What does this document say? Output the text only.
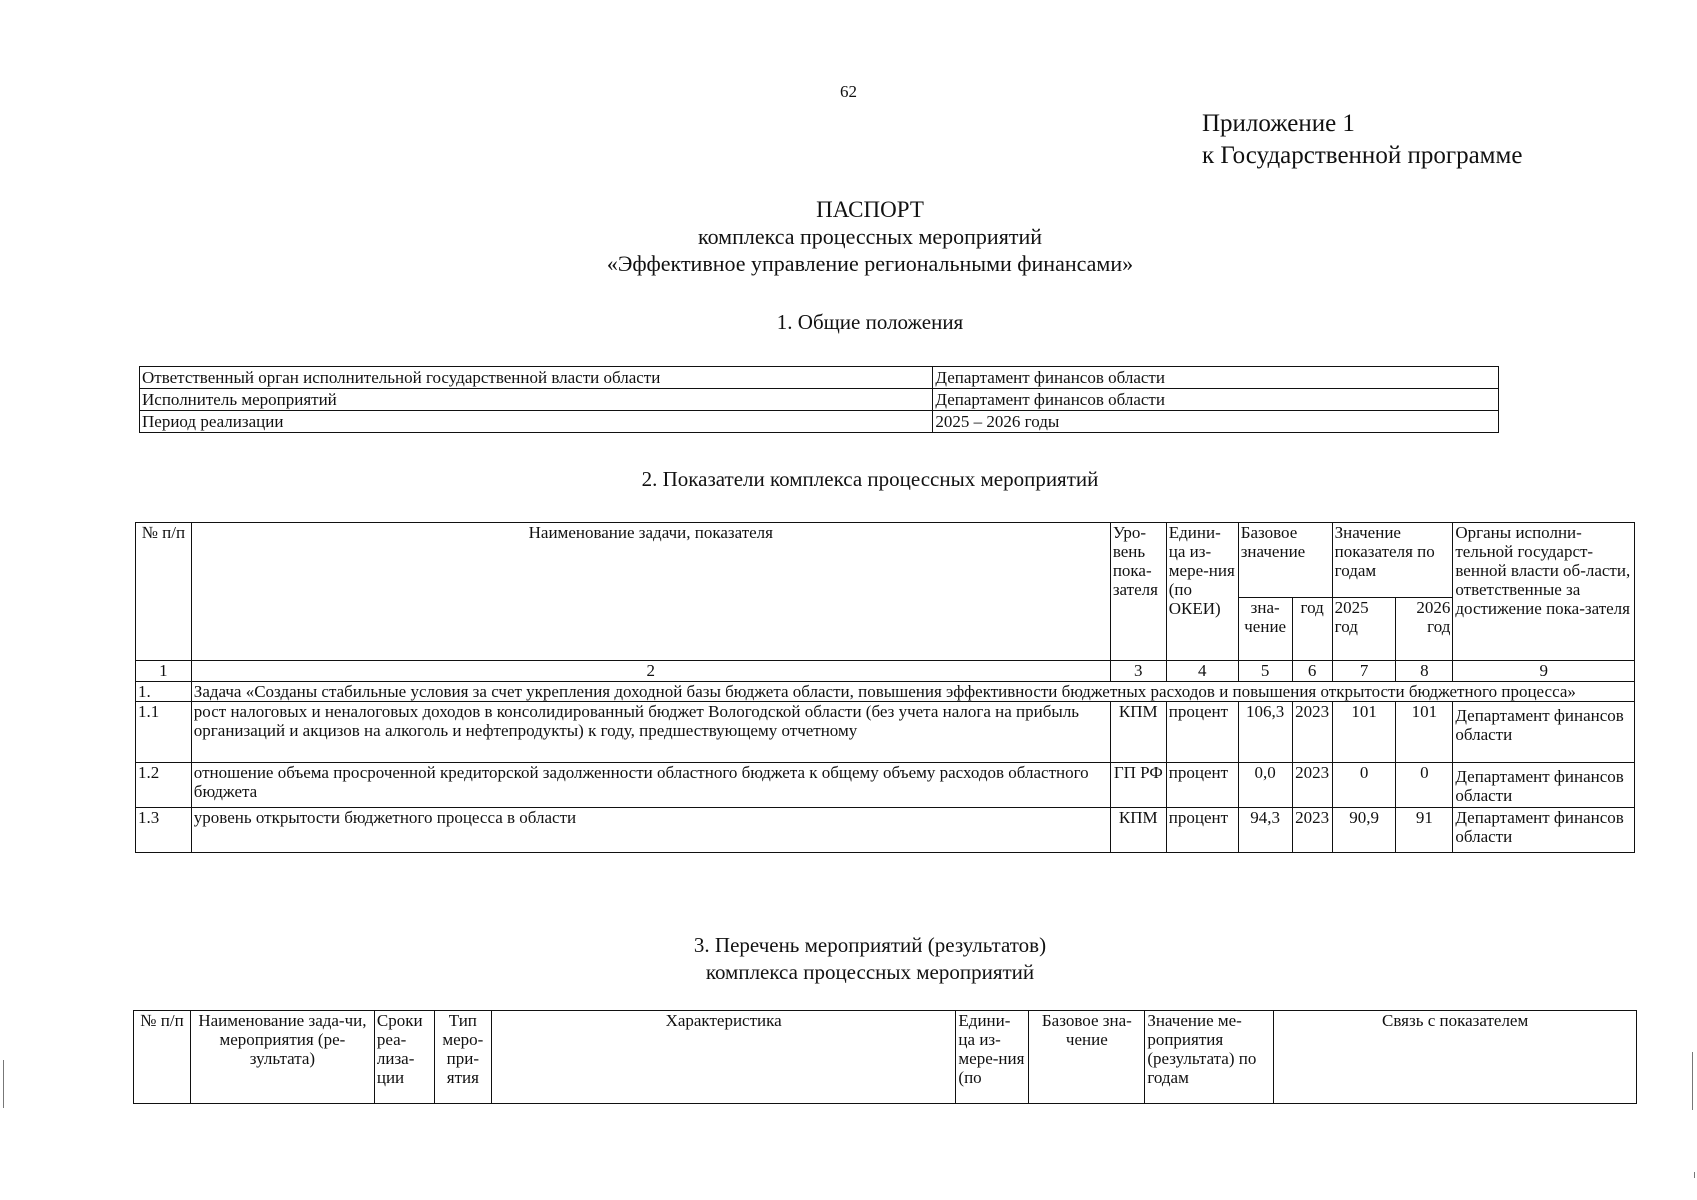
62
Приложение 1
к Государственной программе
ПАСПОРТ
комплекса процессных мероприятий
«Эффективное управление региональными финансами»
1. Общие положения
Ответственный орган исполнительной государственной власти области	Департамент финансов области
Исполнитель мероприятий	Департамент финансов области
Период реализации	2025 – 2026 годы
2. Показатели комплекса процессных мероприятий
№ п/п	Наименование задачи, показателя	Уро-вень пока-зателя	Едини-ца из-мере-ния (по ОКЕИ)	Базовое значение		Значение показателя по годам		Органы исполни-тельной государст-венной власти об-ласти, ответственные за достижение пока-зателя
				зна-чение	год	2025 год	2026 год	
1	2	3	4	5	6	7	8	9
1.	Задача «Созданы стабильные условия за счет укрепления доходной базы бюджета области, повышения эффективности бюджетных расходов и повышения открытости бюджетного процесса»							
1.1	рост налоговых и неналоговых доходов в консолидированный бюджет Вологодской области (без учета налога на прибыль организаций и акцизов на алкоголь и нефтепродукты) к году, предшествующему отчетному	КПМ	процент	106,3	2023	101	101	Департамент финансов области
1.2	отношение объема просроченной кредиторской задолженности областного бюджета к общему объему расходов областного бюджета	ГП РФ	процент	0,0	2023	0	0	Департамент финансов области
1.3	уровень открытости бюджетного процесса в области	КПМ	процент	94,3	2023	90,9	91	Департамент финансов области
3. Перечень мероприятий (результатов)
комплекса процессных мероприятий
№ п/п	Наименование зада-чи, мероприятия (ре-зультата)	Сроки реа-лиза-ции	Тип меро-при-ятия	Характеристика	Едини-ца из-мере-ния (по	Базовое зна-чение	Значение ме-роприятия (результата) по годам	Связь с показателем
